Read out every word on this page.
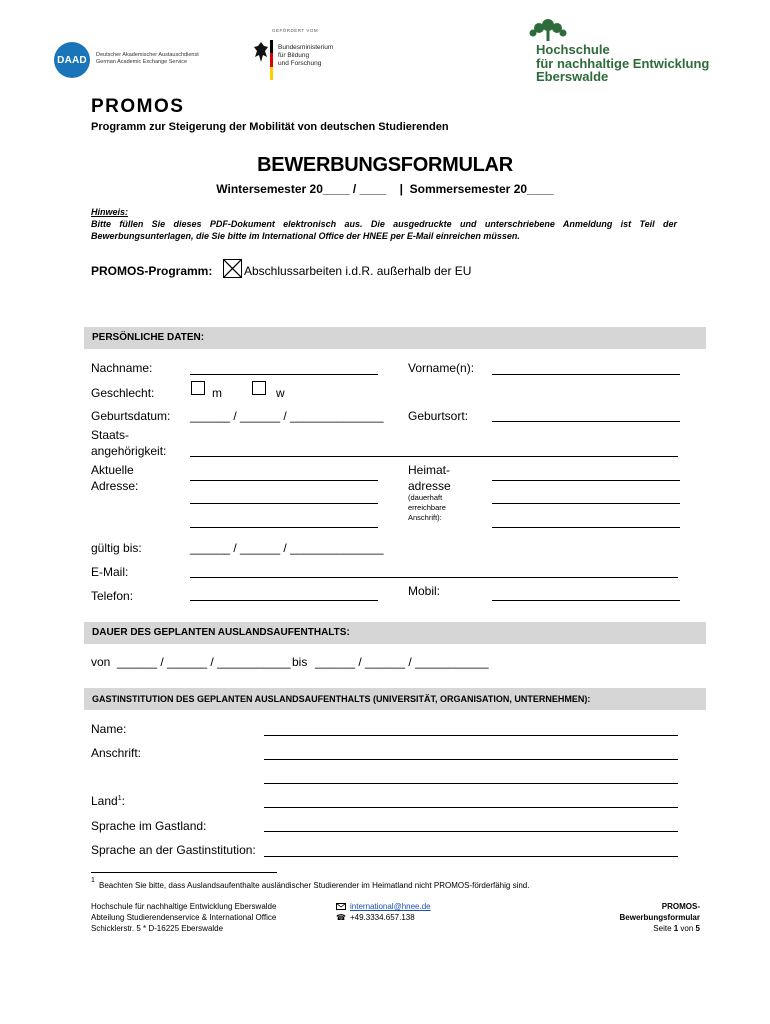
DAAD	Deutscher Akademischer Austauschdienst
German Academic Exchange Service
GEFÖRDERT VOM
Bundesministerium
für Bildung
und Forschung
Hochschule
für nachhaltige Entwicklung
Eberswalde
PROMOS
Programm zur Steigerung der Mobilität von deutschen Studierenden
BEWERBUNGSFORMULAR
Wintersemester 20____ / ____    |  Sommersemester 20____
Hinweis:
Bitte füllen Sie dieses PDF-Dokument elektronisch aus. Die ausgedruckte und unterschriebene Anmeldung ist Teil der Bewerbungsunterlagen, die Sie bitte im International Office der HNEE per E-Mail einreichen müssen.
PROMOS-Programm:	Abschlussarbeiten i.d.R. außerhalb der EU
PERSÖNLICHE DATEN:
Nachname:	Vorname(n):
Geschlecht:	m	w
Geburtsdatum: ______ / ______ / ______________ Geburtsort:
Staats-
angehörigkeit:
Aktuelle
Adresse:
Heimat-
adresse
(dauerhaft
erreichbare
Anschrift):
gültig bis:	______ / ______ / ______________
E-Mail:
Telefon:	Mobil:
DAUER DES GEPLANTEN AUSLANDSAUFENTHALTS:
von ______ / ______ / ___________ bis ______ / ______ / ___________
GASTINSTITUTION DES GEPLANTEN AUSLANDSAUFENTHALTS (UNIVERSITÄT, ORGANISATION, UNTERNEHMEN):
Name:
Anschrift:
Land$^1$:
Sprache im Gastland:
Sprache an der Gastinstitution:
1
Beachten Sie bitte, dass Auslandsaufenthalte ausländischer Studierender im Heimatland nicht PROMOS-förderfähig sind.
Hochschule für nachhaltige Entwicklung Eberswalde
Abteilung Studierendenservice & International Office
Schicklerstr. 5 * D-16225 Eberswalde
international@hnee.de
☎ +49.3334.657.138
PROMOS-
Bewerbungsformular
Seite 1 von 5
